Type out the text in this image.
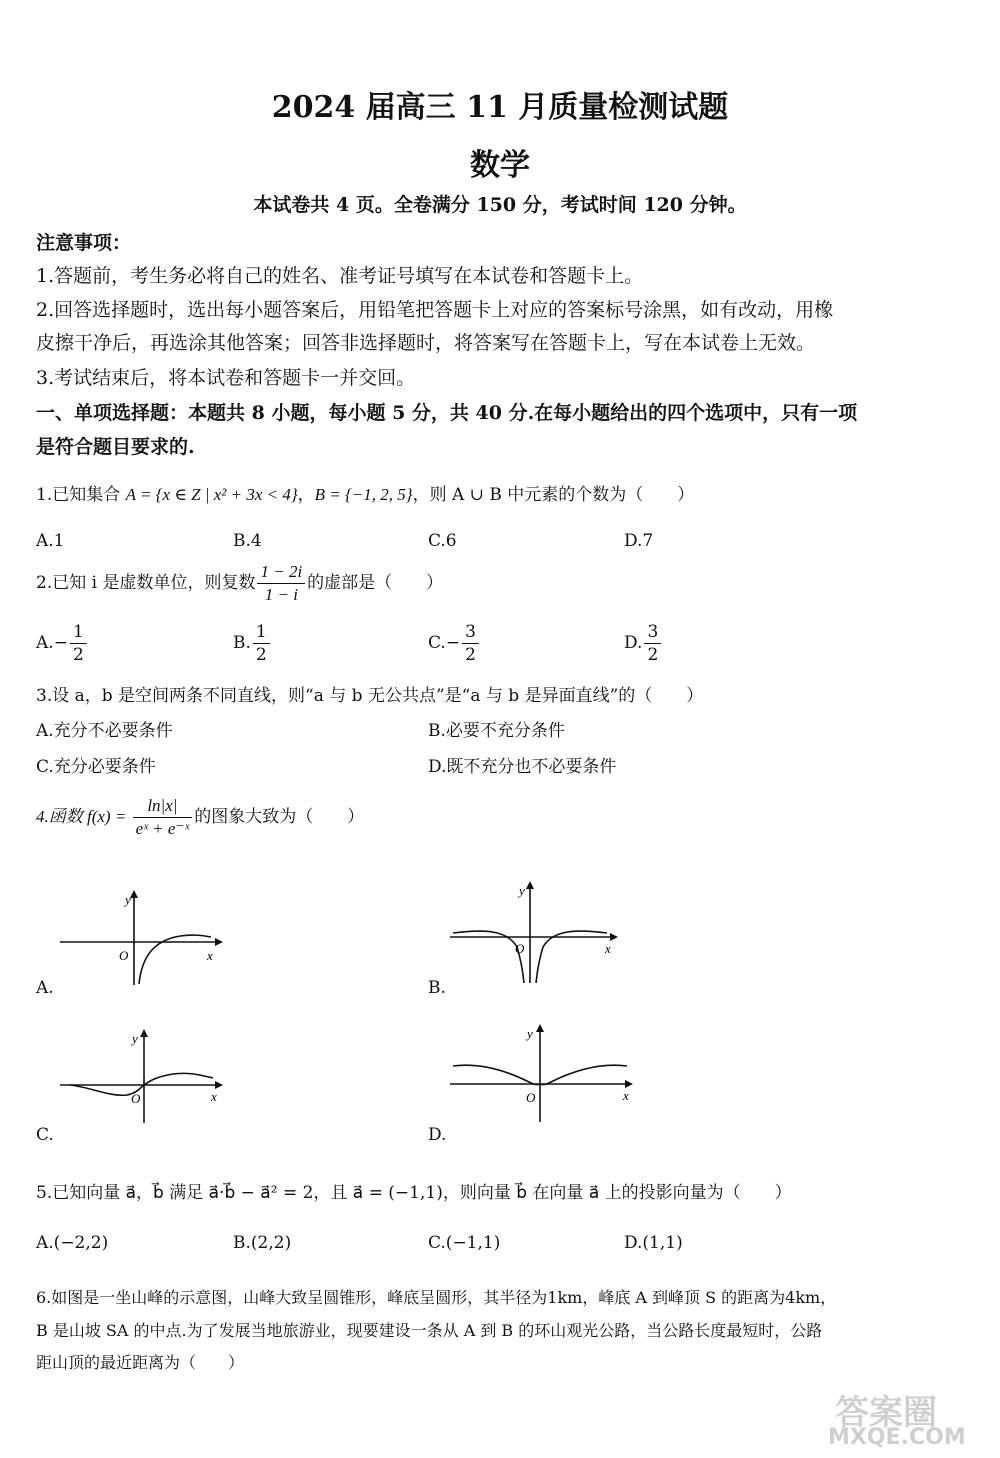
2024 届高三 11 月质量检测试题
数学
本试卷共 4 页。全卷满分 150 分，考试时间 120 分钟。
注意事项：
1.答题前，考生务必将自己的姓名、准考证号填写在本试卷和答题卡上。
2.回答选择题时，选出每小题答案后，用铅笔把答题卡上对应的答案标号涂黑，如有改动，用橡
皮擦干净后，再选涂其他答案；回答非选择题时，将答案写在答题卡上，写在本试卷上无效。
3.考试结束后，将本试卷和答题卡一并交回。
一、单项选择题：本题共 8 小题，每小题 5 分，共 40 分.在每小题给出的四个选项中，只有一项
是符合题目要求的.
1.已知集合 A = {x ∈ Z | x² + 3x < 4}，B = {−1, 2, 5}，则 A ∪ B 中元素的个数为（　　）
A.1	B.4	C.6	D.7
2.已知 i 是虚数单位，则复数 $\frac{1 - 2i}{1 - i}$ 的虚部是（　　）
$A.- \frac{1}{2}$	B. $\frac{1}{2}$	$C.- \frac{3}{2}$	D. $\frac{3}{2}$
3.设 a，b 是空间两条不同直线，则“a 与 b 无公共点”是“a 与 b 是异面直线”的（　　）
A.充分不必要条件	B.必要不充分条件
C.充分必要条件	D.既不充分也不必要条件
4.函数 $f(x) = \frac{\ln|x|}{\text{eˣ + e⁻ˣ}}$ 的图象大致为（　　）
y
x
O
A.
y
x
O
B.
y
x
O
C.
y
x
O
D.
5.已知向量 a⃗，b⃗ 满足 a⃗·b⃗ − a⃗² = 2，且 a⃗ = (−1,1)，则向量 b⃗ 在向量 a⃗ 上的投影向量为（　　）
A.(−2,2)	B.(2,2)	C.(−1,1)	D.(1,1)
6.如图是一坐山峰的示意图，山峰大致呈圆锥形，峰底呈圆形，其半径为1km，峰底 A 到峰顶 S 的距离为4km，
B 是山坡 SA 的中点.为了发展当地旅游业，现要建设一条从 A 到 B 的环山观光公路，当公路长度最短时，公路
距山顶的最近距离为（　　）
答案圈
MXQE.COM
